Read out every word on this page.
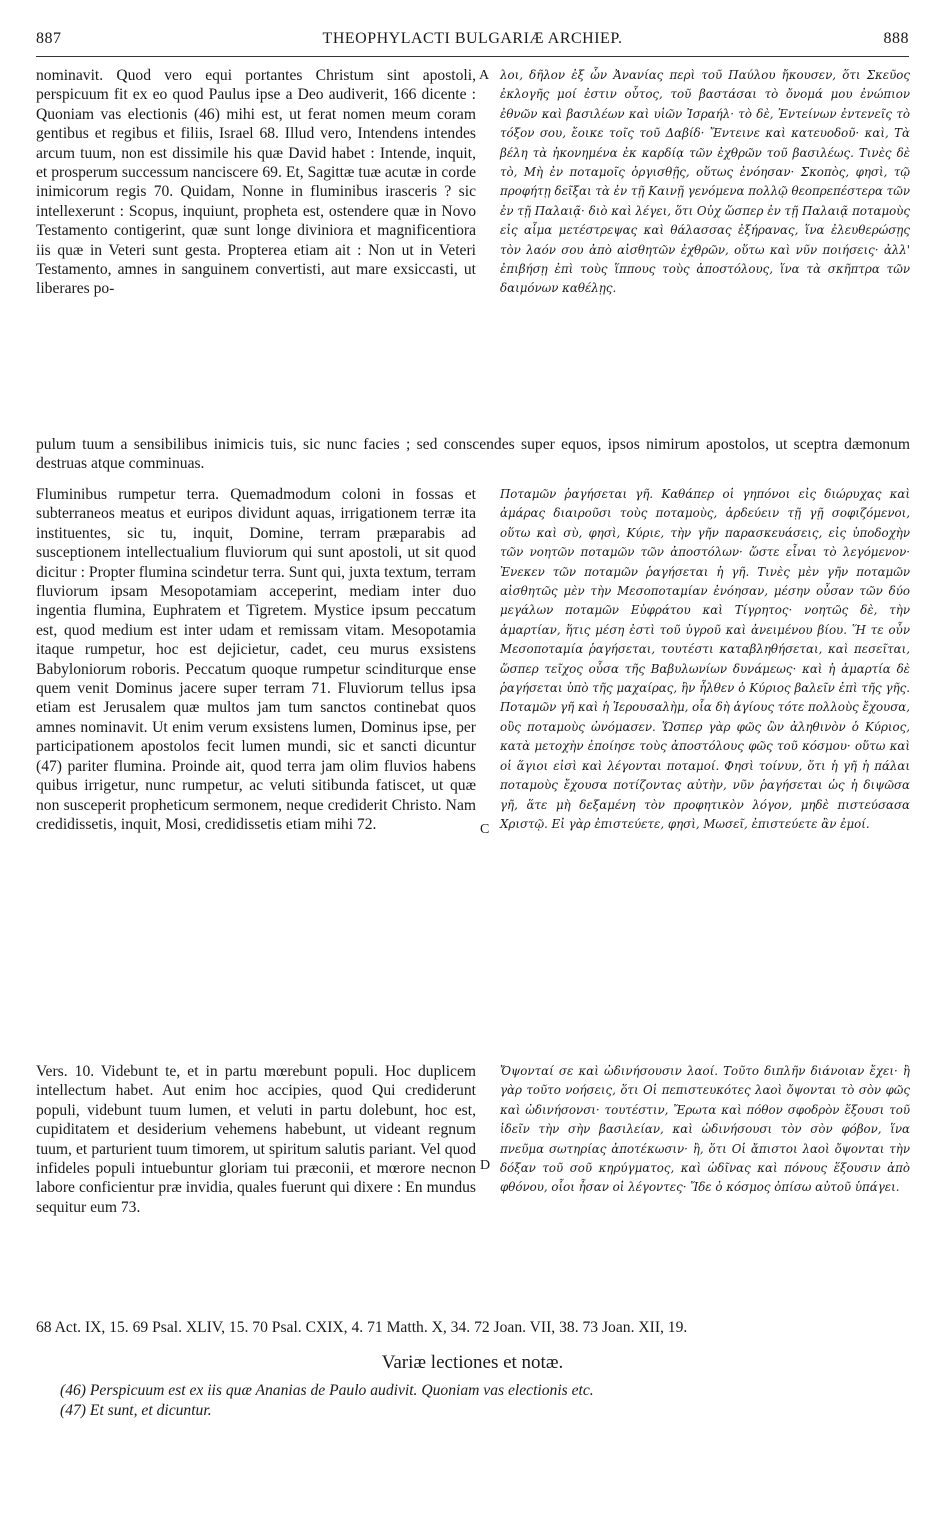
887	THEOPHYLACTI BULGARIÆ ARCHIEP.	888

nominavit. Quod vero equi portantes Christum sint apostoli, perspicuum fit ex eo quod Paulus ipse a Deo audiverit, 166 dicente : Quoniam vas electionis (46) mihi est, ut ferat nomen meum coram gentibus et regibus et filiis, Israel 68. Illud vero, Intendens intendes arcum tuum, non est dissimile his quæ David habet : Intende, inquit, et prosperum successum nanciscere 69. Et, Sagittæ tuæ acutæ in corde inimicorum regis 70. Quidam, Nonne in fluminibus irasceris ? sic intellexerunt : Scopus, inquiunt, propheta est, ostendere quæ in Novo Testamento contigerint, quæ sunt longe diviniora et magnificentiora iis quæ in Veteri sunt gesta. Propterea etiam ait : Non ut in Veteri Testamento, amnes in sanguinem convertisti, aut mare exsiccasti, ut liberares po-

A λοι, δῆλον ἐξ ὧν Ἀνανίας περὶ τοῦ Παύλου ἤκουσεν, ὅτι Σκεῦος ἐκλογῆς μοί ἐστιν οὗτος, τοῦ βαστάσαι τὸ ὄνομά μου ἐνώπιον ἐθνῶν καὶ βασιλέων καὶ υἱῶν Ἰσραήλ· τὸ δὲ, Ἐντείνων ἐντενεῖς τὸ τόξον σου, ἔοικε τοῖς τοῦ Δαβίδ· Ἔντεινε καὶ κατευοδοῦ· καὶ, Τὰ βέλη τὰ ἠκονημένα ἐκ καρδίᾳ τῶν ἐχθρῶν τοῦ βασιλέως. Τινὲς δὲ τὸ, Μὴ ἐν ποταμοῖς ὀργισθῇς, οὕτως ἐνόησαν· Σκοπὸς, φησὶ, τῷ προφήτῃ δεῖξαι τὰ ἐν τῇ Καινῇ γενόμενα πολλῷ θεοπρεπέστερα τῶν ἐν τῇ Παλαιᾷ· διὸ καὶ λέγει, ὅτι Οὐχ ὥσπερ ἐν τῇ Παλαιᾷ ποταμοὺς εἰς αἷμα μετέστρεψας καὶ θάλασσας ἐξήρανας, ἵνα ἐλευθερώσῃς τὸν λαόν σου ἀπὸ αἰσθητῶν ἐχθρῶν, οὕτω καὶ νῦν ποιήσεις· ἀλλ' ἐπιβήσῃ ἐπὶ τοὺς ἵππους τοὺς ἀποστόλους, ἵνα τὰ σκῆπτρα τῶν δαιμόνων καθέλῃς.

pulum tuum a sensibilibus inimicis tuis, sic nunc facies ; sed conscendes super equos, ipsos nimirum apostolos, ut sceptra dæmonum destruas atque comminuas.

Fluminibus rumpetur terra. Quemadmodum coloni in fossas et subterraneos meatus et euripos dividunt aquas, irrigationem terræ ita instituentes, sic tu, inquit, Domine, terram præparabis ad susceptionem intellectualium fluviorum qui sunt apostoli, ut sit quod dicitur : Propter flumina scindetur terra. Sunt qui, juxta textum, terram fluviorum ipsam Mesopotamiam acceperint, mediam inter duo ingentia flumina, Euphratem et Tigretem. Mystice ipsum peccatum est, quod medium est inter udam et remissam vitam. Mesopotamia itaque rumpetur, hoc est dejicietur, cadet, ceu murus exsistens Babyloniorum roboris. Peccatum quoque rumpetur scinditurque ense quem venit Dominus jacere super terram 71. Fluviorum tellus ipsa etiam est Jerusalem quæ multos jam tum sanctos continebat quos amnes nominavit. Ut enim verum exsistens lumen, Dominus ipse, per participationem apostolos fecit lumen mundi, sic et sancti dicuntur (47) pariter flumina. Proinde ait, quod terra jam olim fluvios habens quibus irrigetur, nunc rumpetur, ac veluti sitibunda fatiscet, ut quæ non susceperit propheticum sermonem, neque crediderit Christo. Nam credidissetis, inquit, Mosi, credidissetis etiam mihi 72.	C

Ποταμῶν ῥαγήσεται γῆ. Καθάπερ οἱ γηπόνοι εἰς διώρυχας καὶ ἀμάρας διαιροῦσι τοὺς ποταμοὺς, ἀρδεύειν τῇ γῇ σοφιζόμενοι, οὕτω καὶ σὺ, φησὶ, Κύριε, τὴν γῆν παρασκευάσεις, εἰς ὑποδοχὴν τῶν νοητῶν ποταμῶν τῶν ἀποστόλων· ὥστε εἶναι τὸ λεγόμενον· Ἐνεκεν τῶν ποταμῶν ῥαγήσεται ἡ γῆ. Τινὲς μὲν γῆν ποταμῶν αἰσθητῶς μὲν τὴν Μεσοποταμίαν ἐνόησαν, μέσην οὖσαν τῶν δύο μεγάλων ποταμῶν Εὐφράτου καὶ Τίγρητος· νοητῶς δὲ, τὴν ἁμαρτίαν, ἥτις μέση ἐστὶ τοῦ ὑγροῦ καὶ ἀνειμένου βίου. Ἥ τε οὖν Μεσοποταμία ῥαγήσεται, τουτέστι καταβληθήσεται, καὶ πεσεῖται, ὥσπερ τεῖχος οὖσα τῆς Βαβυλωνίων δυνάμεως· καὶ ἡ ἁμαρτία δὲ ῥαγήσεται ὑπὸ τῆς μαχαίρας, ἣν ἦλθεν ὁ Κύριος βαλεῖν ἐπὶ τῆς γῆς. Ποταμῶν γῆ καὶ ἡ Ἱερουσαλὴμ, οἷα δὴ ἁγίους τότε πολλοὺς ἔχουσα, οὓς ποταμοὺς ὠνόμασεν. Ὥσπερ γὰρ φῶς ὢν ἀληθινὸν ὁ Κύριος, κατὰ μετοχὴν ἐποίησε τοὺς ἀποστόλους φῶς τοῦ κόσμου· οὕτω καὶ οἱ ἅγιοι εἰσὶ καὶ λέγονται ποταμοί. Φησὶ τοίνυν, ὅτι ἡ γῆ ἡ πάλαι ποταμοὺς ἔχουσα ποτίζοντας αὐτὴν, νῦν ῥαγήσεται ὡς ἡ διψῶσα γῆ, ἅτε μὴ δεξαμένη τὸν προφητικὸν λόγον, μηδὲ πιστεύσασα Χριστῷ. Εἰ γὰρ ἐπιστεύετε, φησὶ, Μωσεῖ, ἐπιστεύετε ἂν ἐμοί.

Vers. 10. Videbunt te, et in partu mœrebunt populi. Hoc duplicem intellectum habet. Aut enim hoc accipies, quod Qui crediderunt populi, videbunt tuum lumen, et veluti in partu dolebunt, hoc est, cupiditatem et desiderium vehemens habebunt, ut videant regnum tuum, et parturient tuum timorem, ut spiritum salutis pariant. Vel quod infideles populi intuebuntur gloriam tui præconii, et mœrore necnon labore conficientur præ invidia, quales fuerunt qui dixere : En mundus sequitur eum 73.

D

Ὄψονταί σε καὶ ὠδινήσουσιν λαοί. Τοῦτο διπλῆν διάνοιαν ἔχει· ἢ γὰρ τοῦτο νοήσεις, ὅτι Οἱ πεπιστευκότες λαοὶ ὄψονται τὸ σὸν φῶς καὶ ὠδινήσονσι· τουτέστιν, Ἔρωτα καὶ πόθον σφοδρὸν ἕξουσι τοῦ ἰδεῖν τὴν σὴν βασιλείαν, καὶ ὠδινήσουσι τὸν σὸν φόβον, ἵνα πνεῦμα σωτηρίας ἀποτέκωσιν· ἢ, ὅτι Οἱ ἄπιστοι λαοὶ ὄψονται τὴν δόξαν τοῦ σοῦ κηρύγματος, καὶ ὠδῖνας καὶ πόνους ἕξουσιν ἀπὸ φθόνου, οἷοι ἦσαν οἱ λέγοντες· Ἴδε ὁ κόσμος ὀπίσω αὐτοῦ ὑπάγει.

68 Act. IX, 15. 69 Psal. XLIV, 15. 70 Psal. CXIX, 4. 71 Matth. X, 34. 72 Joan. VII, 38. 73 Joan. XII, 19.
Variæ lectiones et notæ.
(46) Perspicuum est ex iis quæ Ananias de Paulo audivit. Quoniam vas electionis etc.
(47) Et sunt, et dicuntur.
